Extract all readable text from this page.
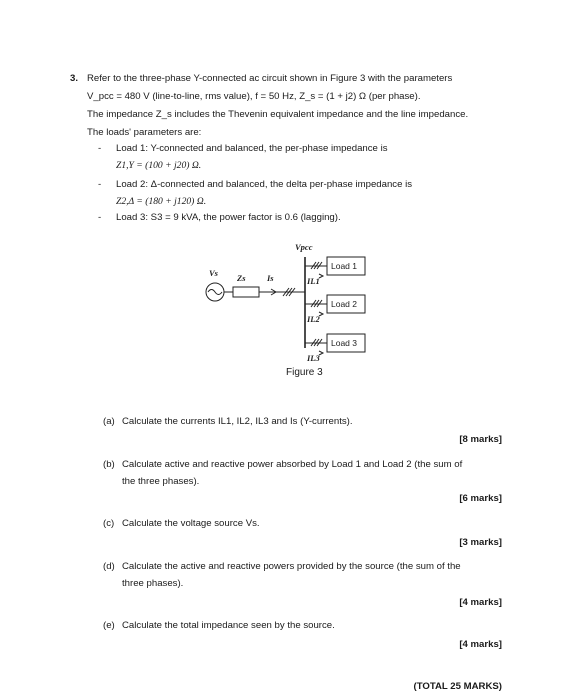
3. Refer to the three-phase Y-connected ac circuit shown in Figure 3 with the parameters
V_pcc = 480 V (line-to-line, rms value), f = 50 Hz, Z_s = (1 + j2) Ω (per phase).
The impedance Z_s includes the Thevenin equivalent impedance and the line impedance.
The loads' parameters are:
- Load 1: Y-connected and balanced, the per-phase impedance is
Z1,Y = (100 + j20) Ω.
- Load 2: Δ-connected and balanced, the delta per-phase impedance is
Z2,Δ = (180 + j120) Ω.
- Load 3: S3 = 9 kVA, the power factor is 0.6 (lagging).
Load 1
Load 2
Load 3
Vpcc
Vs Zs	Is	IL1
IL2
IL3
Figure 3
(a) Calculate the currents IL1, IL2, IL3 and Is (Y-currents).
[8 marks]
(b) Calculate active and reactive power absorbed by Load 1 and Load 2 (the sum of
the three phases).
[6 marks]
(c) Calculate the voltage source Vs.
[3 marks]
(d) Calculate the active and reactive powers provided by the source (the sum of the
three phases).
[4 marks]
(e) Calculate the total impedance seen by the source.
[4 marks]
(TOTAL 25 MARKS)
